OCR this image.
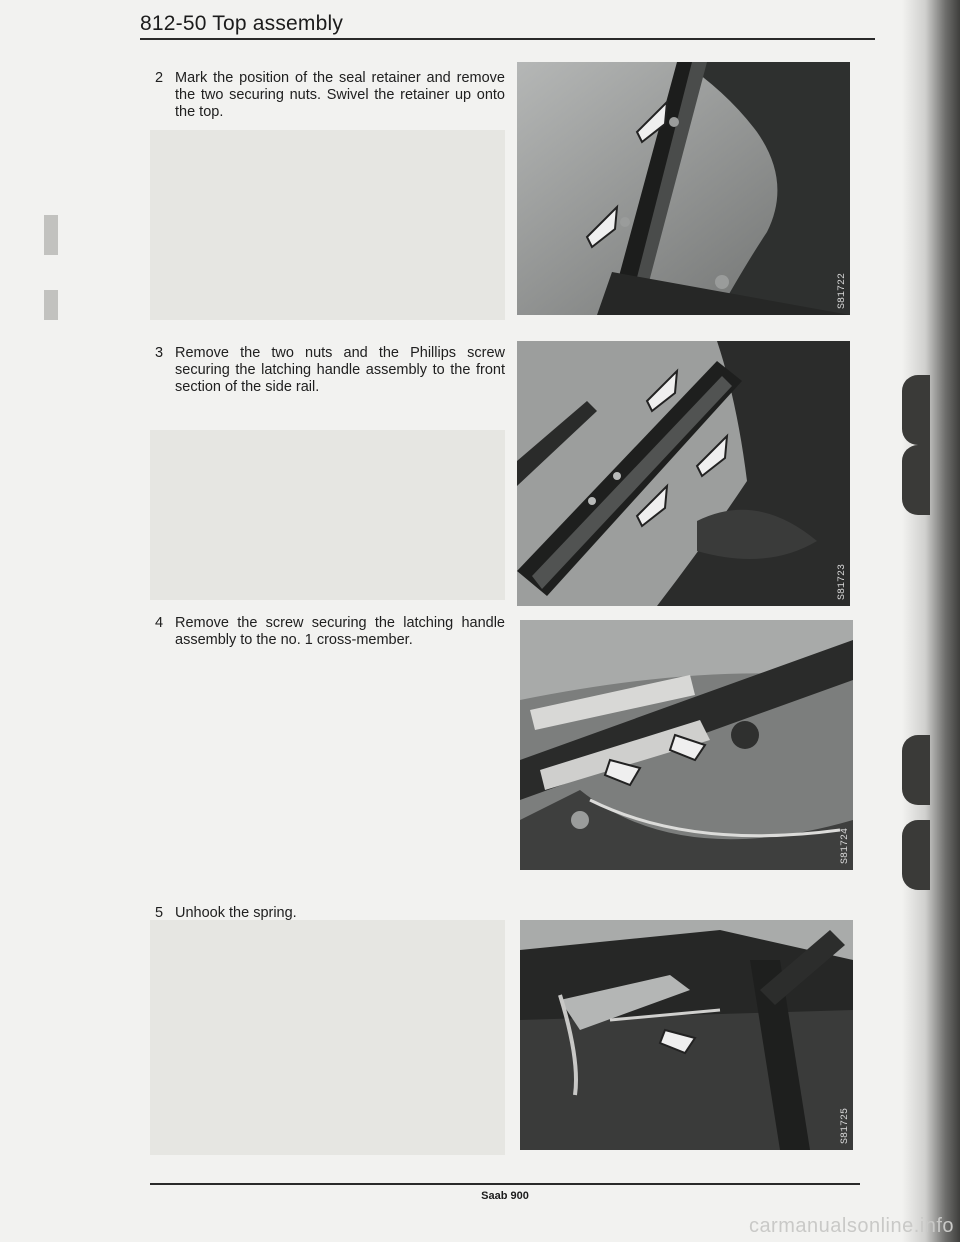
812-50 Top assembly
2 Mark the position of the seal retainer and remove the two securing nuts. Swivel the retainer up onto the top.
3 Remove the two nuts and the Phillips screw securing the latching handle assembly to the front section of the side rail.
4 Remove the screw securing the latching handle assembly to the no. 1 cross-member.
5 Unhook the spring.
S81722
S81723
S81724
S81725
Saab 900
carmanualsonline.info
